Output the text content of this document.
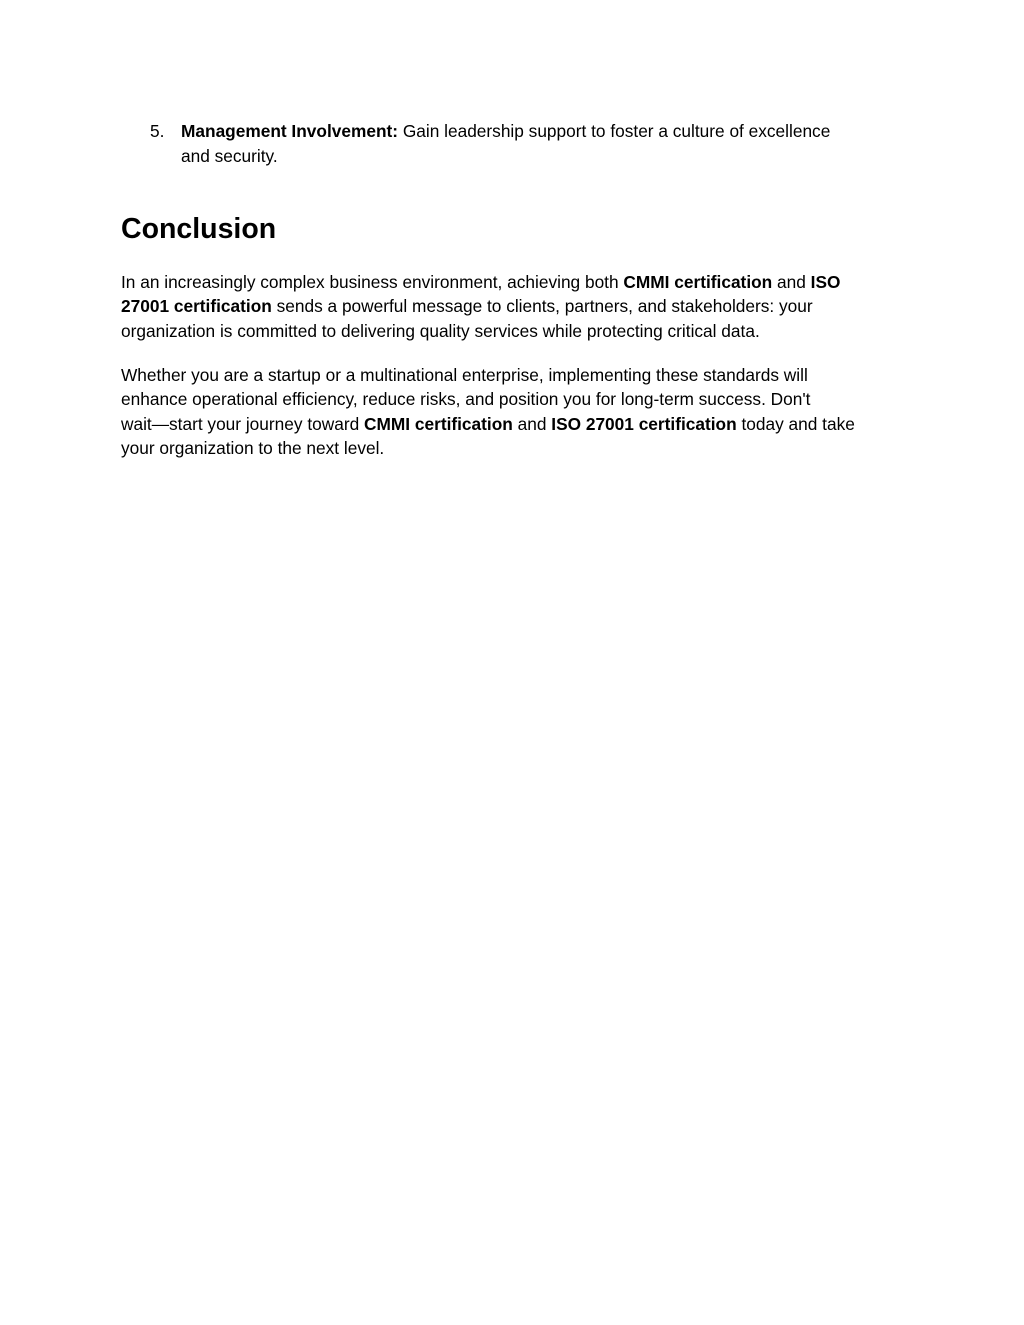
5. Management Involvement: Gain leadership support to foster a culture of excellence
and security.
Conclusion

In an increasingly complex business environment, achieving both CMMI certification and ISO
27001 certification sends a powerful message to clients, partners, and stakeholders: your
organization is committed to delivering quality services while protecting critical data.

Whether you are a startup or a multinational enterprise, implementing these standards will
enhance operational efficiency, reduce risks, and position you for long-term success. Don't
wait—start your journey toward CMMI certification and ISO 27001 certification today and take
your organization to the next level.
